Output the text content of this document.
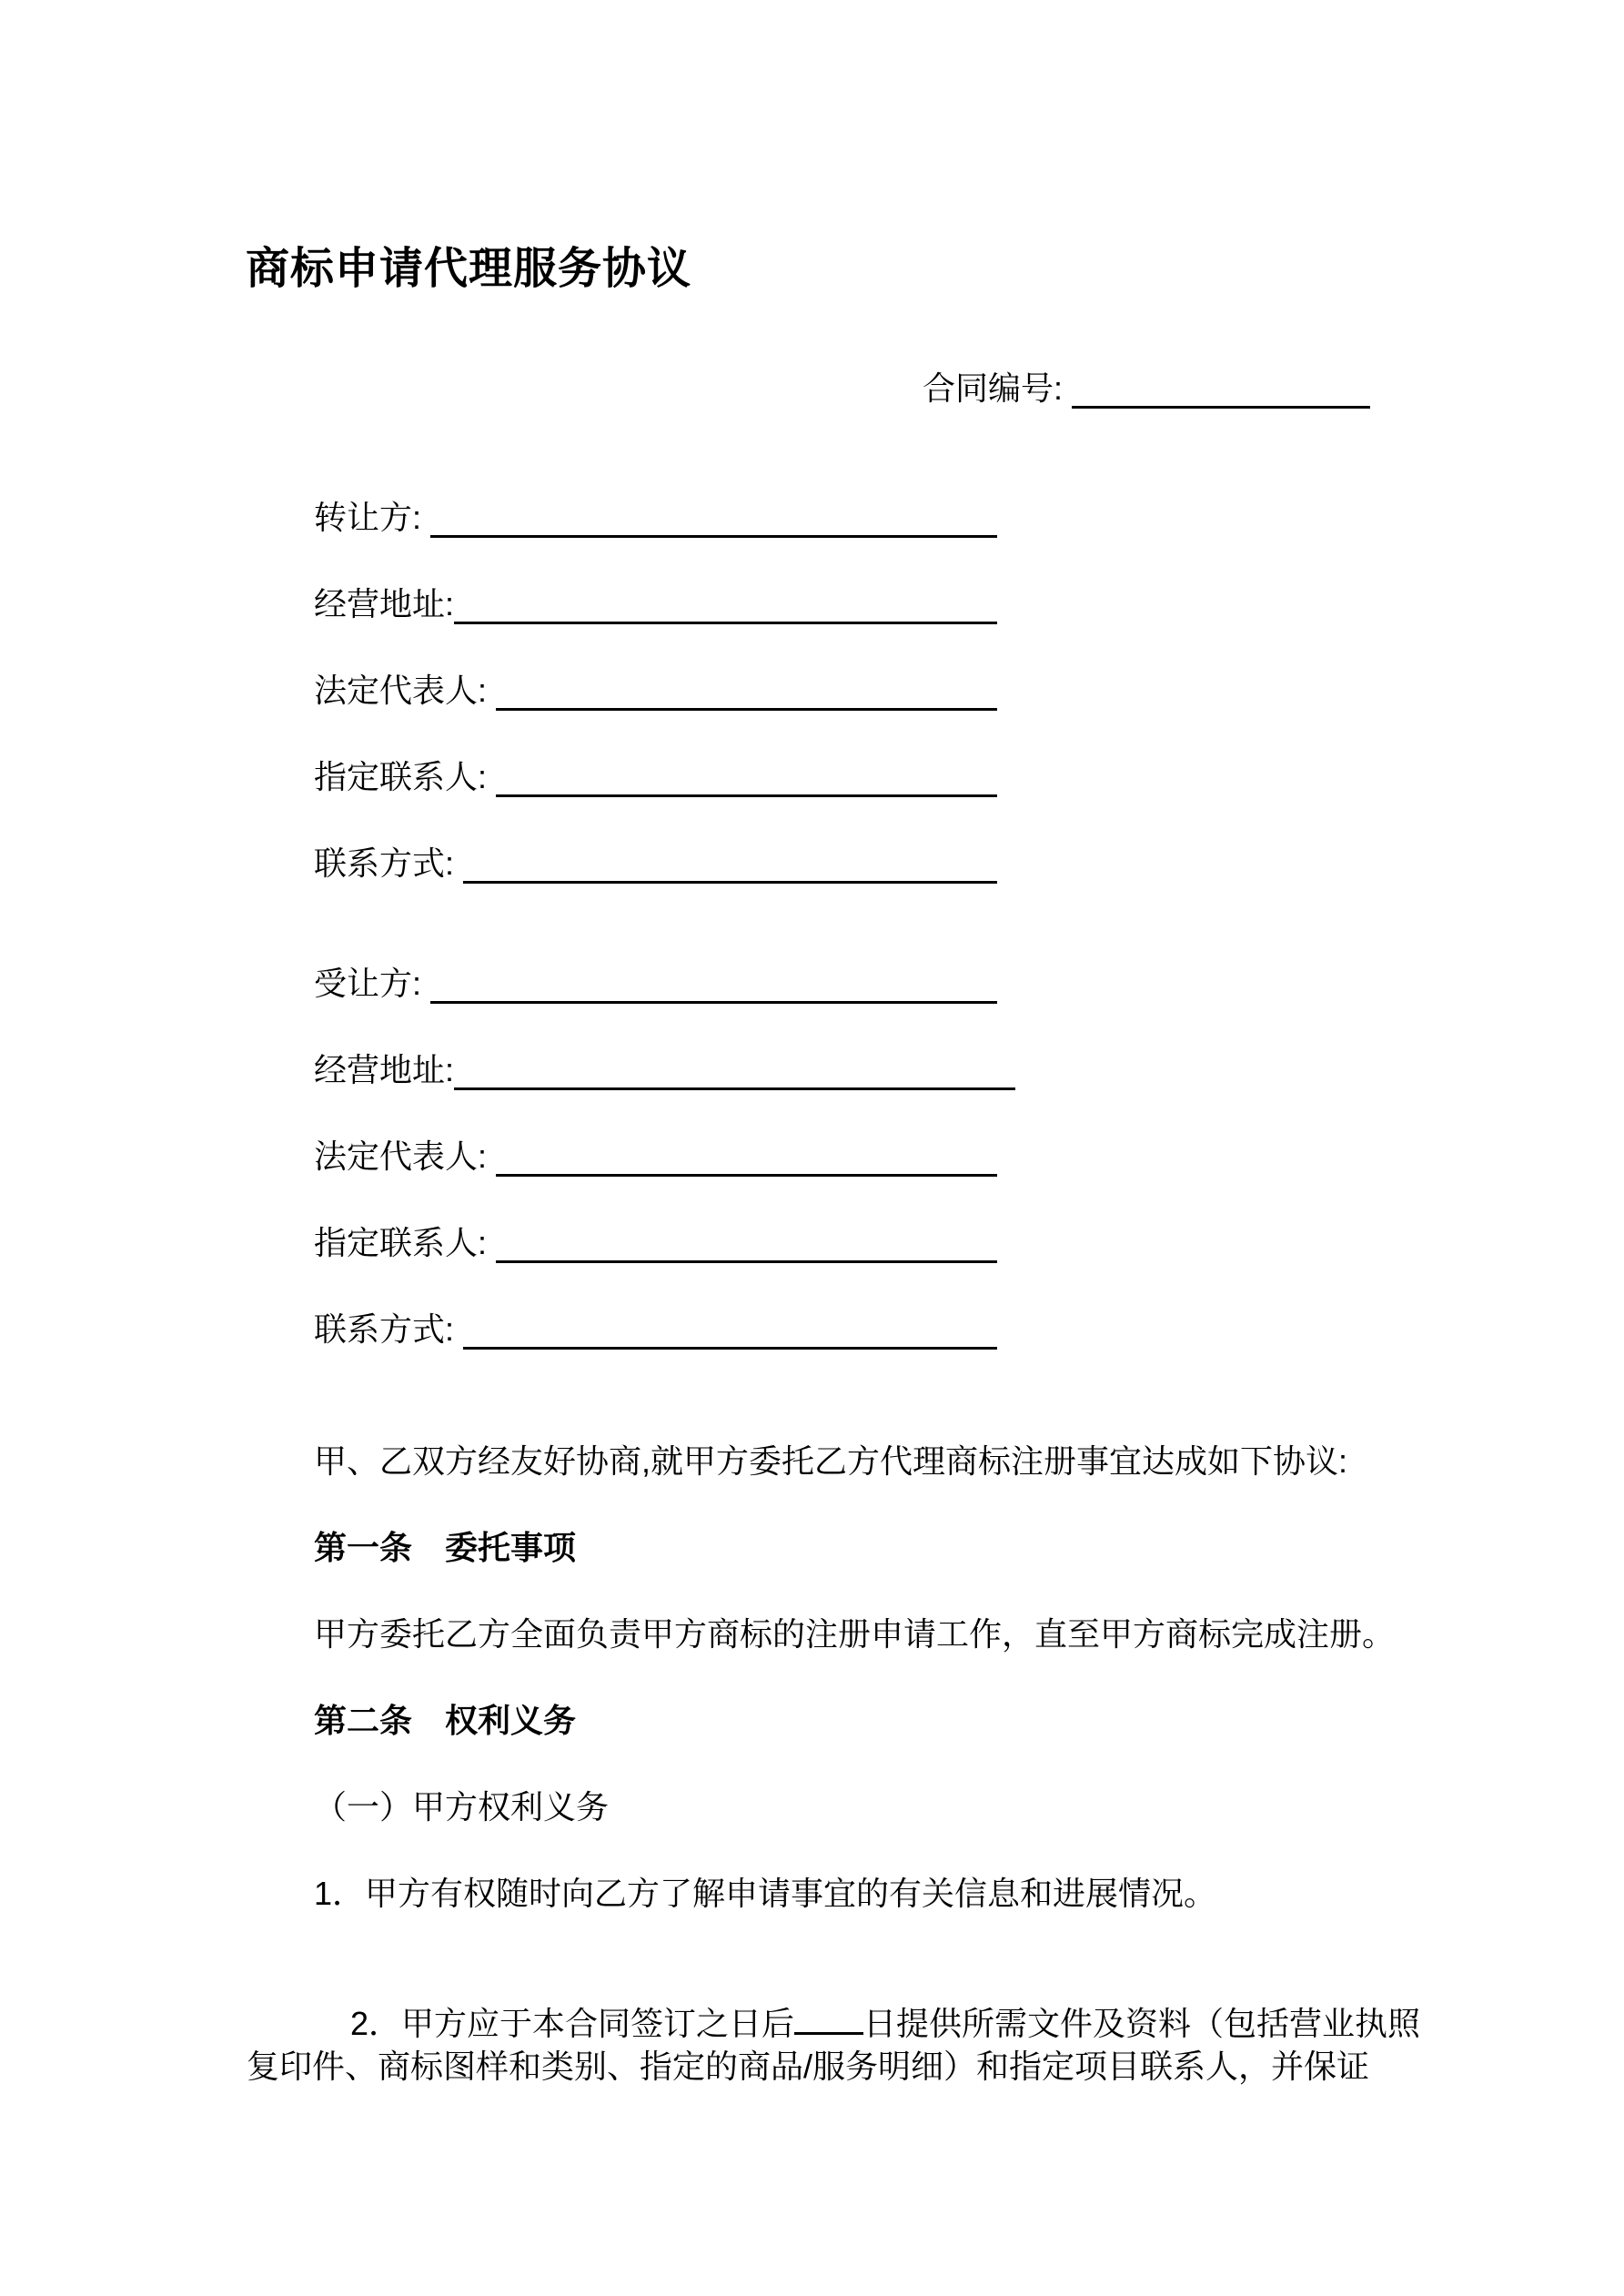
商标申请代理服务协议
合同编号:
转让方:
经营地址:
法定代表人:
指定联系人:
联系方式:
受让方:
经营地址:
法定代表人:
指定联系人:
联系方式:
甲、乙双方经友好协商,就甲方委托乙方代理商标注册事宜达成如下协议:
第一条　委托事项
甲方委托乙方全面负责甲方商标的注册申请工作，直至甲方商标完成注册。
第二条　权利义务
（一）甲方权利义务
1．甲方有权随时向乙方了解申请事宜的有关信息和进展情况。

2．甲方应于本合同签订之日后 日提供所需文件及资料（包括营业执照

复印件、商标图样和类别、指定的商品/服务明细）和指定项目联系人，并保证
